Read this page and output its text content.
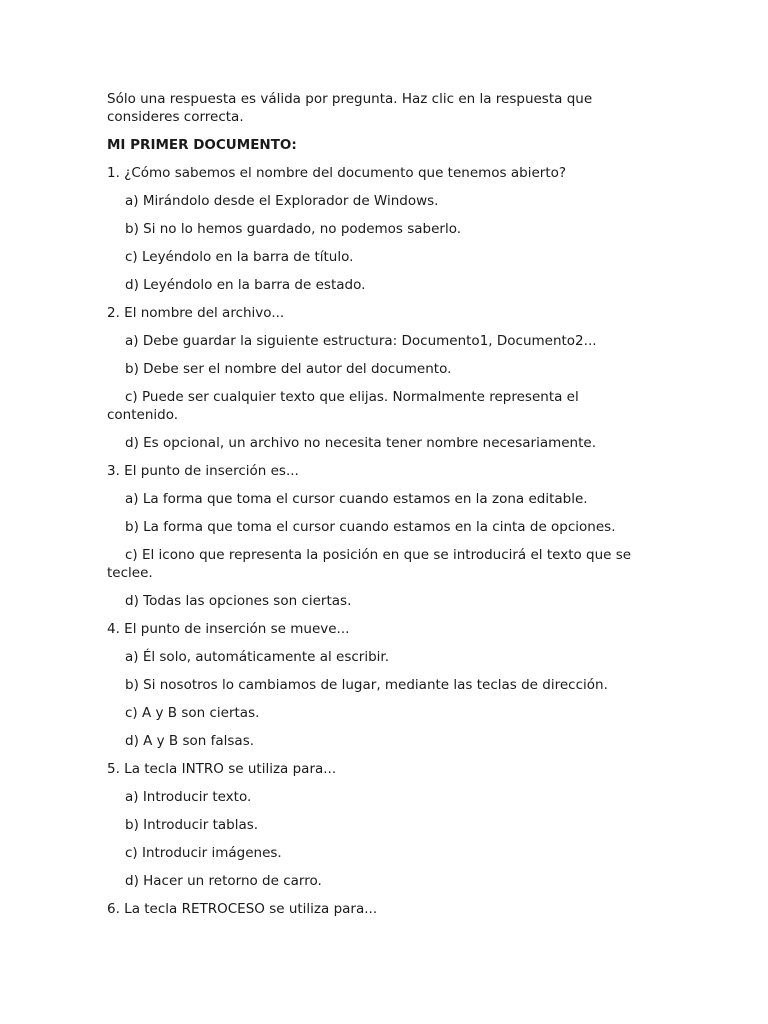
Sólo una respuesta es válida por pregunta. Haz clic en la respuesta que consideres correcta.

MI PRIMER DOCUMENTO:

1. ¿Cómo sabemos el nombre del documento que tenemos abierto?

a) Mirándolo desde el Explorador de Windows.

b) Si no lo hemos guardado, no podemos saberlo.

c) Leyéndolo en la barra de título.

d) Leyéndolo en la barra de estado.

2. El nombre del archivo...

a) Debe guardar la siguiente estructura: Documento1, Documento2...

b) Debe ser el nombre del autor del documento.

c) Puede ser cualquier texto que elijas. Normalmente representa el contenido.

d) Es opcional, un archivo no necesita tener nombre necesariamente.

3. El punto de inserción es...

a) La forma que toma el cursor cuando estamos en la zona editable.

b) La forma que toma el cursor cuando estamos en la cinta de opciones.

c) El icono que representa la posición en que se introducirá el texto que se teclee.

d) Todas las opciones son ciertas.

4. El punto de inserción se mueve...

a) Él solo, automáticamente al escribir.

b) Si nosotros lo cambiamos de lugar, mediante las teclas de dirección.

c) A y B son ciertas.

d) A y B son falsas.

5. La tecla INTRO se utiliza para...

a) Introducir texto.

b) Introducir tablas.

c) Introducir imágenes.

d) Hacer un retorno de carro.

6. La tecla RETROCESO se utiliza para...
